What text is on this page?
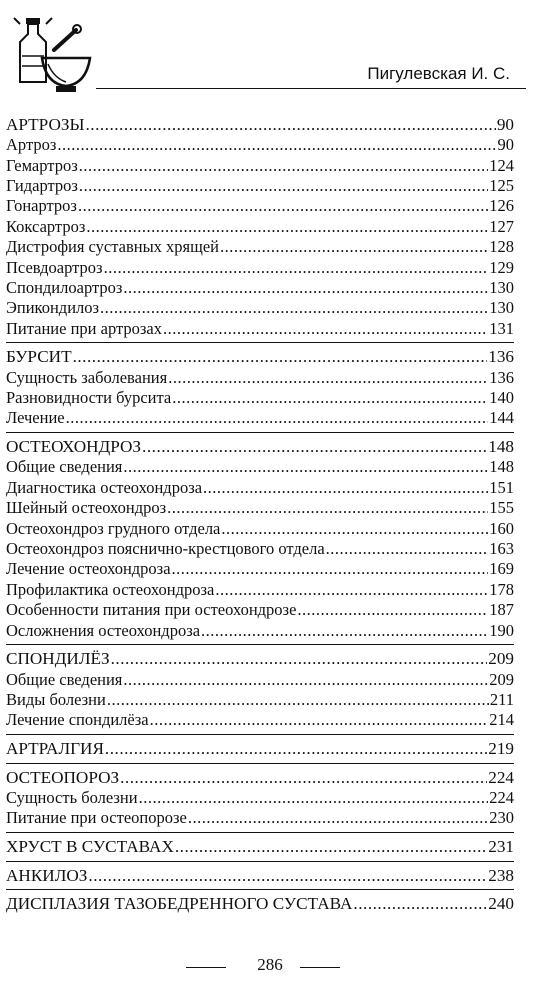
Пигулевская И. С.
АРТРОЗЫ .....	90
Артроз .....	90
Гемартроз .....	124
Гидартроз .....	125
Гонартроз .....	126
Коксартроз .....	127
Дистрофия суставных хрящей .....	128
Псевдоартроз .....	129
Спондилоартроз .....	130
Эпикондилоз .....	130
Питание при артрозах .....	131
БУРСИТ .....	136
Сущность заболевания .....	136
Разновидности бурсита .....	140
Лечение .....	144
ОСТЕОХОНДРОЗ .....	148
Общие сведения .....	148
Диагностика остеохондроза .....	151
Шейный остеохондроз .....	155
Остеохондроз грудного отдела .....	160
Остеохондроз пояснично-крестцового отдела .....	163
Лечение остеохондроза .....	169
Профилактика остеохондроза .....	178
Особенности питания при остеохондрозе .....	187
Осложнения остеохондроза .....	190
СПОНДИЛЁЗ .....	209
Общие сведения .....	209
Виды болезни .....	211
Лечение спондилёза .....	214
АРТРАЛГИЯ .....	219
ОСТЕОПОРОЗ .....	224
Сущность болезни .....	224
Питание при остеопорозе .....	230
ХРУСТ В СУСТАВАХ .....	231
АНКИЛОЗ .....	238
ДИСПЛАЗИЯ ТАЗОБЕДРЕННОГО СУСТАВА .....	240
286
